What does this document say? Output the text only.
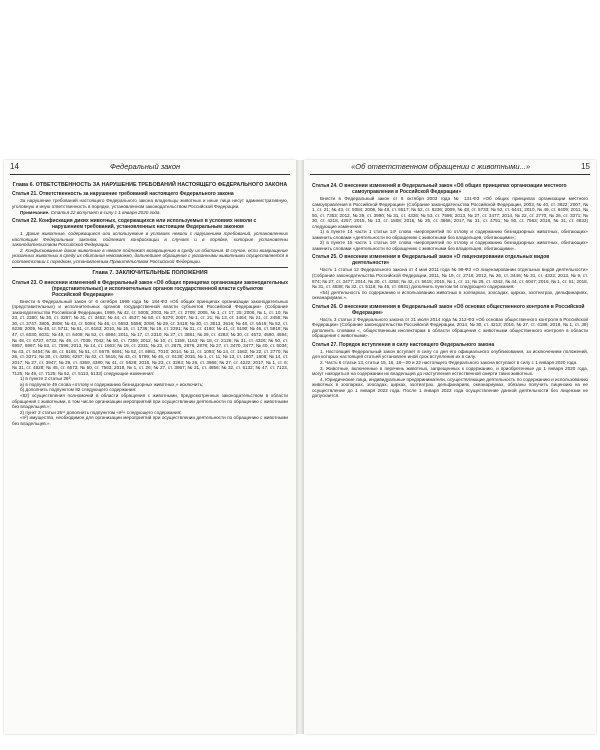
14	Федеральный закон
Глава 6. ОТВЕТСТВЕННОСТЬ ЗА НАРУШЕНИЕ ТРЕБОВАНИЙ НАСТОЯЩЕГО ФЕДЕРАЛЬНОГО ЗАКОНА
Статья 21. Ответственность за нарушение требований настоящего Федерального закона

За нарушение требований настоящего Федерального закона владельцы животных и иные лица несут административную, уголовную и иную ответственность в порядке, установленном законодательством Российской Федерации.

Примечание. Статья 22 вступает в силу с 1 января 2020 года.

Статья 22. Конфискация диких животных, содержащихся или используемых в условиях неволи с нарушением требований, установленных настоящим Федеральным законом

1. Дикие животные, содержащиеся или используемые в условиях неволи с нарушением требований, установленных настоящим Федеральным законом, подлежат конфискации в случаях и в порядке, которые установлены законодательством Российской Федерации.

2. Конфискованные дикие животные в неволе подлежат возвращению в среду их обитания. В случае, если возвращение указанных животных в среду их обитания невозможно, дальнейшее обращение с указанными животными осуществляется в соответствии с порядком, установленным Правительством Российской Федерации.

Глава 7. ЗАКЛЮЧИТЕЛЬНЫЕ ПОЛОЖЕНИЯ
Статья 23. О внесении изменений в Федеральный закон «Об общих принципах организации законодательных (представительных) и исполнительных органов государственной власти субъектов Российской Федерации»

Внести в Федеральный закон от 6 октября 1999 года № 184-ФЗ «Об общих принципах организации законодательных (представительных) и исполнительных органов государственной власти субъектов Российской Федерации» (Собрание законодательства Российской Федерации, 1999, № 42, ст. 5005; 2003, № 27, ст. 2709; 2005, № 1, ст. 17, 25; 2006, № 1, ст. 10; № 23, ст. 2380; № 30, ст. 3287; № 31, ст. 3452; № 44, ст. 4537; № 50, ст. 5279; 2007, № 1, ст. 21; № 13, ст. 1464; № 21, ст. 2455; № 30, ст. 3747, 3805, 3808; № 43, ст. 5084; № 46, ст. 5553, 5556; 2008, № 29, ст. 3418; № 30, ст. 3613, 3616; № 48, ст. 5516; № 52, ст. 6236; 2009, № 48, ст. 5711; № 51, ст. 6163; 2010, № 15, ст. 1736; № 19, ст. 2291; № 31, ст. 4160; № 41, ст. 5190; № 46, ст. 5918; № 47, ст. 6030, 6031; № 49, ст. 6409; № 52, ст. 6984; 2011, № 17, ст. 2310; № 27, ст. 3881; № 29, ст. 4283; № 30, ст. 4572, 4590, 4594; № 48, ст. 6727, 6732; № 49, ст. 7039, 7042; № 50, ст. 7359; 2012, № 10, ст. 1158, 1163; № 18, ст. 2126; № 31, ст. 4326; № 50, ст. 6957, 6967; № 53, ст. 7596; 2013, № 14, ст. 1663; № 19, ст. 2331; № 23, ст. 2875, 2876, 2878; № 27, ст. 3470, 3477; № 40, ст. 5034; № 43, ст. 5454; № 48, ст. 6165; № 51, ст. 6679, 6691; № 52, ст. 6981, 7010; 2014, № 11, ст. 1093; № 14, ст. 1562; № 22, ст. 2770; № 26, ст. 3371; № 30, ст. 4256; 4257; № 42, ст. 5615; № 43, ст. 5799; № 45, ст. 6138; 2015, № 1, ст. 11; № 13, ст. 1807, 1808; № 14, ст. 2017; № 27, ст. 3947; № 29, ст. 4359, 4380; № 41, ст. 5628; 2016, № 23, ст. 3283; № 26, ст. 3866; № 27, ст. 4222; 2017, № 1, ст. 6; № 31, ст. 4828; № 45, ст. 6573; № 50, ст. 7563; 2018, № 1, ст. 26; № 27, ст. 3957; № 31, ст. 4856; № 32, ст. 5132; № 47, ст. 7123, 7125; № 49, ст. 7125; № 52, ст. 5113, 5133) следующие изменения:

1) в пункте 2 статьи 26³:

а) в подпункте 49 слова «отлову и содержанию безнадзорных животных,» исключить;

б) дополнить подпунктом 82 следующего содержания:

«82) осуществления полномочий в области обращения с животными, предусмотренных законодательством в области обращения с животными, в том числе организации мероприятий при осуществлении деятельности по обращению с животными без владельцев.»;

2) пункт 2 статьи 26¹¹ дополнить подпунктом «я²» следующего содержания:

«я²) имущество, необходимое для организации мероприятий при осуществлении деятельности по обращению с животными без владельцев.».

«Об ответственном обращении с животными...»	15
Статья 24. О внесении изменений в Федеральный закон «Об общих принципах организации местного самоуправления в Российской Федерации»

Внести в Федеральный закон от 6 октября 2003 года № 131-ФЗ «Об общих принципах организации местного самоуправления в Российской Федерации» (Собрание законодательства Российской Федерации, 2003, № 40, ст. 3822; 2007, № 1, ст. 21; № 43, ст. 5084; 2008, № 48, ст. 5517; № 52, ст. 6236; 2009, № 48, ст. 5733; № 52, ст. 6441; 2010, № 49, ст. 6409; 2011, № 50, ст. 7353; 2012, № 29, ст. 3990; № 31, ст. 4326; № 53, ст. 7596; 2013, № 27, ст. 3477; 2014, № 22, ст. 2770; № 26, ст. 3371; № 30, ст. 4218, 4257; 2015, № 13, ст. 1808; 2016, № 26, ст. 3866; 2017, № 31, ст. 4751; № 50, ст. 7563; 2018, № 31, ст. 4833) следующие изменения:

1) в пункте 14 части 1 статьи 14¹ слова «мероприятий по отлову и содержанию безнадзорных животных, обитающих» заменить словами «деятельности по обращению с животными без владельцев, обитающими»;

2) в пункте 15 части 1 статьи 16¹ слова «мероприятий по отлову и содержанию безнадзорных животных, обитающих» заменить словами «деятельности по обращению с животными без владельцев, обитающими».

Статья 25. О внесении изменения в Федеральный закон «О лицензировании отдельных видов деятельности»

Часть 1 статьи 12 Федерального закона от 4 мая 2011 года № 99-ФЗ «О лицензировании отдельных видов деятельности» (Собрание законодательства Российской Федерации, 2011, № 19, ст. 2716; 2012, № 26, ст. 3446; № 31, ст. 4322; 2013, № 9, ст. 874; № 27, ст. 3477; 2014, № 30, ст. 4256; № 42, ст. 5615; 2015, № 1, ст. 11; № 29, ст. 4342, № 44, ст. 6047; 2016, № 1, ст. 51; 2018, № 31, ст. 4838; № 32, ст. 5116; № 45, ст. 6841) дополнить пунктом 54 следующего содержания:

«54) деятельность по содержанию и использованию животных в зоопарках, зоосадах, цирках, зоотеатрах, дельфинариях, океанариумах.».

Статья 26. О внесении изменения в Федеральный закон «Об основах общественного контроля в Российской Федерации»

Часть 3 статьи 2 Федерального закона от 21 июля 2014 года № 212-ФЗ «Об основах общественного контроля в Российской Федерации» (Собрание законодательства Российской Федерации, 2014, № 30, ст. 4213; 2016, № 27, ст. 4186; 2018, № 1, ст. 39) дополнить словами «, общественным инспекторам в области обращения с животными общественного контроля в области обращения с животными».

Статья 27. Порядок вступления в силу настоящего Федерального закона

1. Настоящий Федеральный закон вступает в силу со дня его официального опубликования, за исключением положений, для которых настоящей статьей установлен иной срок вступления их в силу.

2. Часть 6 статьи 13, статьи 15, 16, 18—20 и 22 настоящего Федерального закона вступают в силу с 1 января 2020 года.

3. Животные, включенные в перечень животных, запрещенных к содержанию, и приобретенные до 1 января 2020 года, могут находиться на содержании их владельцев до наступления естественной смерти таких животных.

4. Юридические лица, индивидуальные предприниматели, осуществляющие деятельность по содержанию и использованию животных в зоопарках, зоосадах, цирках, зоотеатрах, дельфинариях, океанариумах, обязаны получить лицензию на ее осуществление до 1 января 2022 года. После 1 января 2022 года осуществление данной деятельности без лицензии не допускается.
